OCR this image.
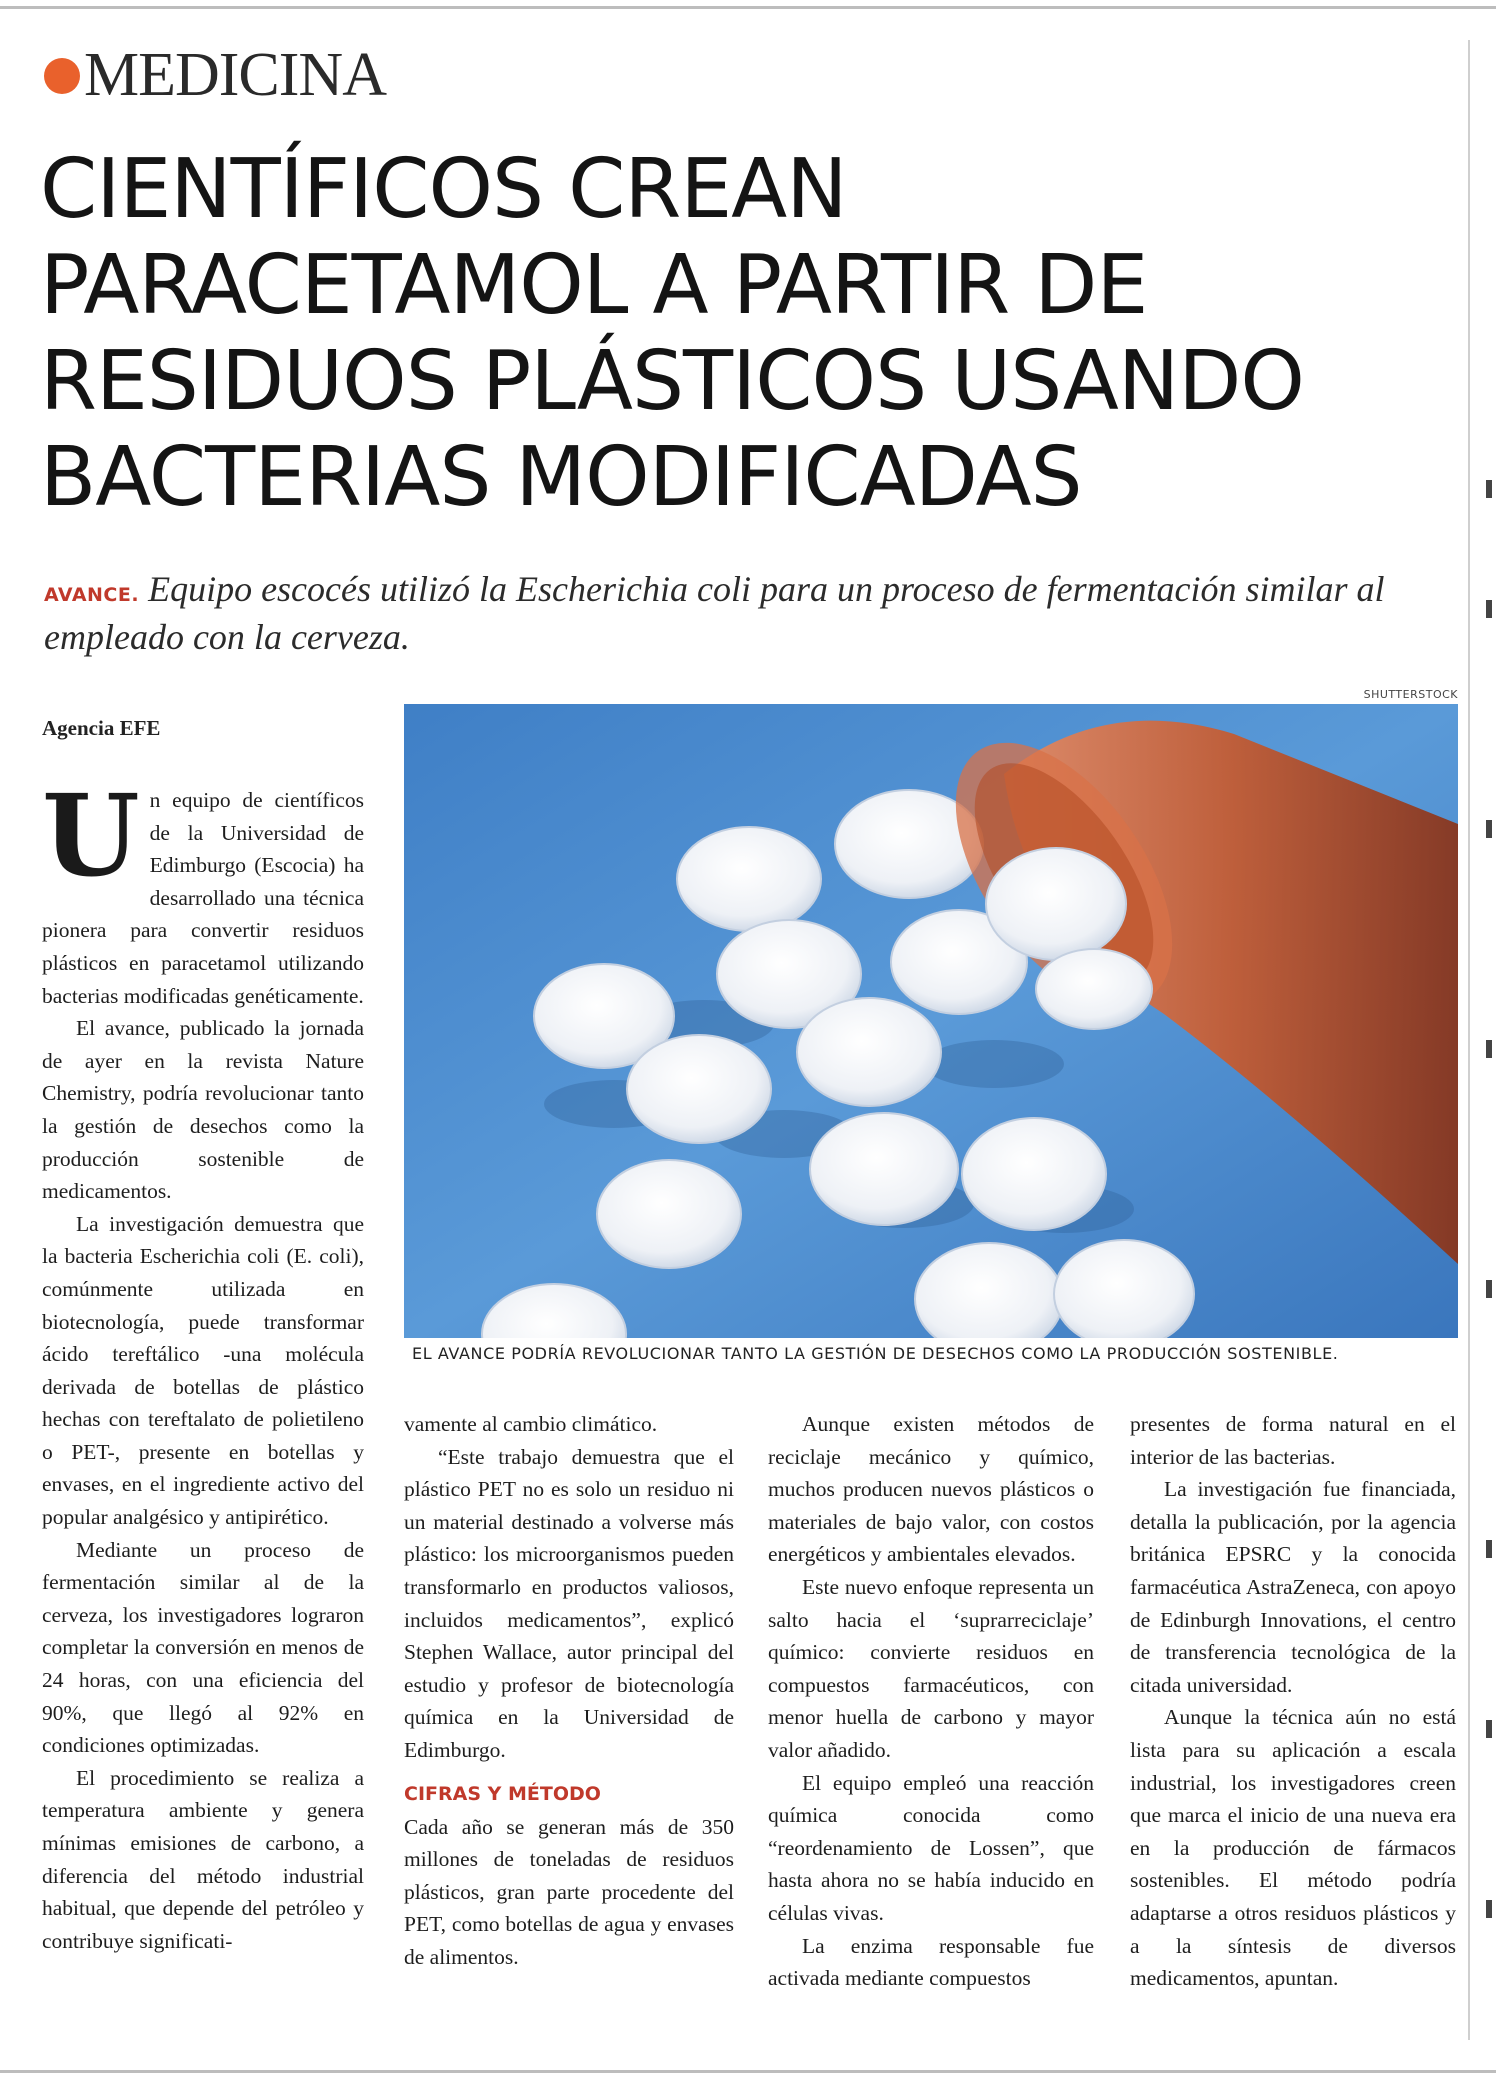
MEDICINA
CIENTÍFICOS CREAN
PARACETAMOL A PARTIR DE
RESIDUOS PLÁSTICOS USANDO
BACTERIAS MODIFICADAS
AVANCE. Equipo escocés utilizó la Escherichia coli para un proceso de fermentación similar al empleado con la cerveza.
SHUTTERSTOCK
EL AVANCE PODRÍA REVOLUCIONAR TANTO LA GESTIÓN DE DESECHOS COMO LA PRODUCCIÓN SOSTENIBLE.
Agencia EFE

Un equipo de científicos de la Universidad de Edimburgo (Escocia) ha desarrollado una técnica pionera para convertir residuos plásticos en paracetamol utilizando bacterias modificadas genéticamente.

El avance, publicado la jornada de ayer en la revista Nature Chemistry, podría revolucionar tanto la gestión de desechos como la producción sostenible de medicamentos.

La investigación demuestra que la bacteria Escherichia coli (E. coli), comúnmente utilizada en biotecnología, puede transformar ácido tereftálico -una molécula derivada de botellas de plástico hechas con tereftalato de polietileno o PET-, presente en botellas y envases, en el ingrediente activo del popular analgésico y antipirético.

Mediante un proceso de fermentación similar al de la cerveza, los investigadores lograron completar la conversión en menos de 24 horas, con una eficiencia del 90%, que llegó al 92% en condiciones optimizadas.

El procedimiento se realiza a temperatura ambiente y genera mínimas emisiones de carbono, a diferencia del método industrial habitual, que depende del petróleo y contribuye significati-

vamente al cambio climático.

“Este trabajo demuestra que el plástico PET no es solo un residuo ni un material destinado a volverse más plástico: los microorganismos pueden transformarlo en productos valiosos, incluidos medicamentos”, explicó Stephen Wallace, autor principal del estudio y profesor de biotecnología química en la Universidad de Edimburgo.

CIFRAS Y MÉTODO

Cada año se generan más de 350 millones de toneladas de residuos plásticos, gran parte procedente del PET, como botellas de agua y envases de alimentos.

Aunque existen métodos de reciclaje mecánico y químico, muchos producen nuevos plásticos o materiales de bajo valor, con costos energéticos y ambientales elevados.

Este nuevo enfoque representa un salto hacia el ‘suprarreciclaje’ químico: convierte residuos en compuestos farmacéuticos, con menor huella de carbono y mayor valor añadido.

El equipo empleó una reacción química conocida como “reordenamiento de Lossen”, que hasta ahora no se había inducido en células vivas.

La enzima responsable fue activada mediante compuestos

presentes de forma natural en el interior de las bacterias.

La investigación fue financiada, detalla la publicación, por la agencia británica EPSRC y la conocida farmacéutica AstraZeneca, con apoyo de Edinburgh Innovations, el centro de transferencia tecnológica de la citada universidad.

Aunque la técnica aún no está lista para su aplicación a escala industrial, los investigadores creen que marca el inicio de una nueva era en la producción de fármacos sostenibles. El método podría adaptarse a otros residuos plásticos y a la síntesis de diversos medicamentos, apuntan.
